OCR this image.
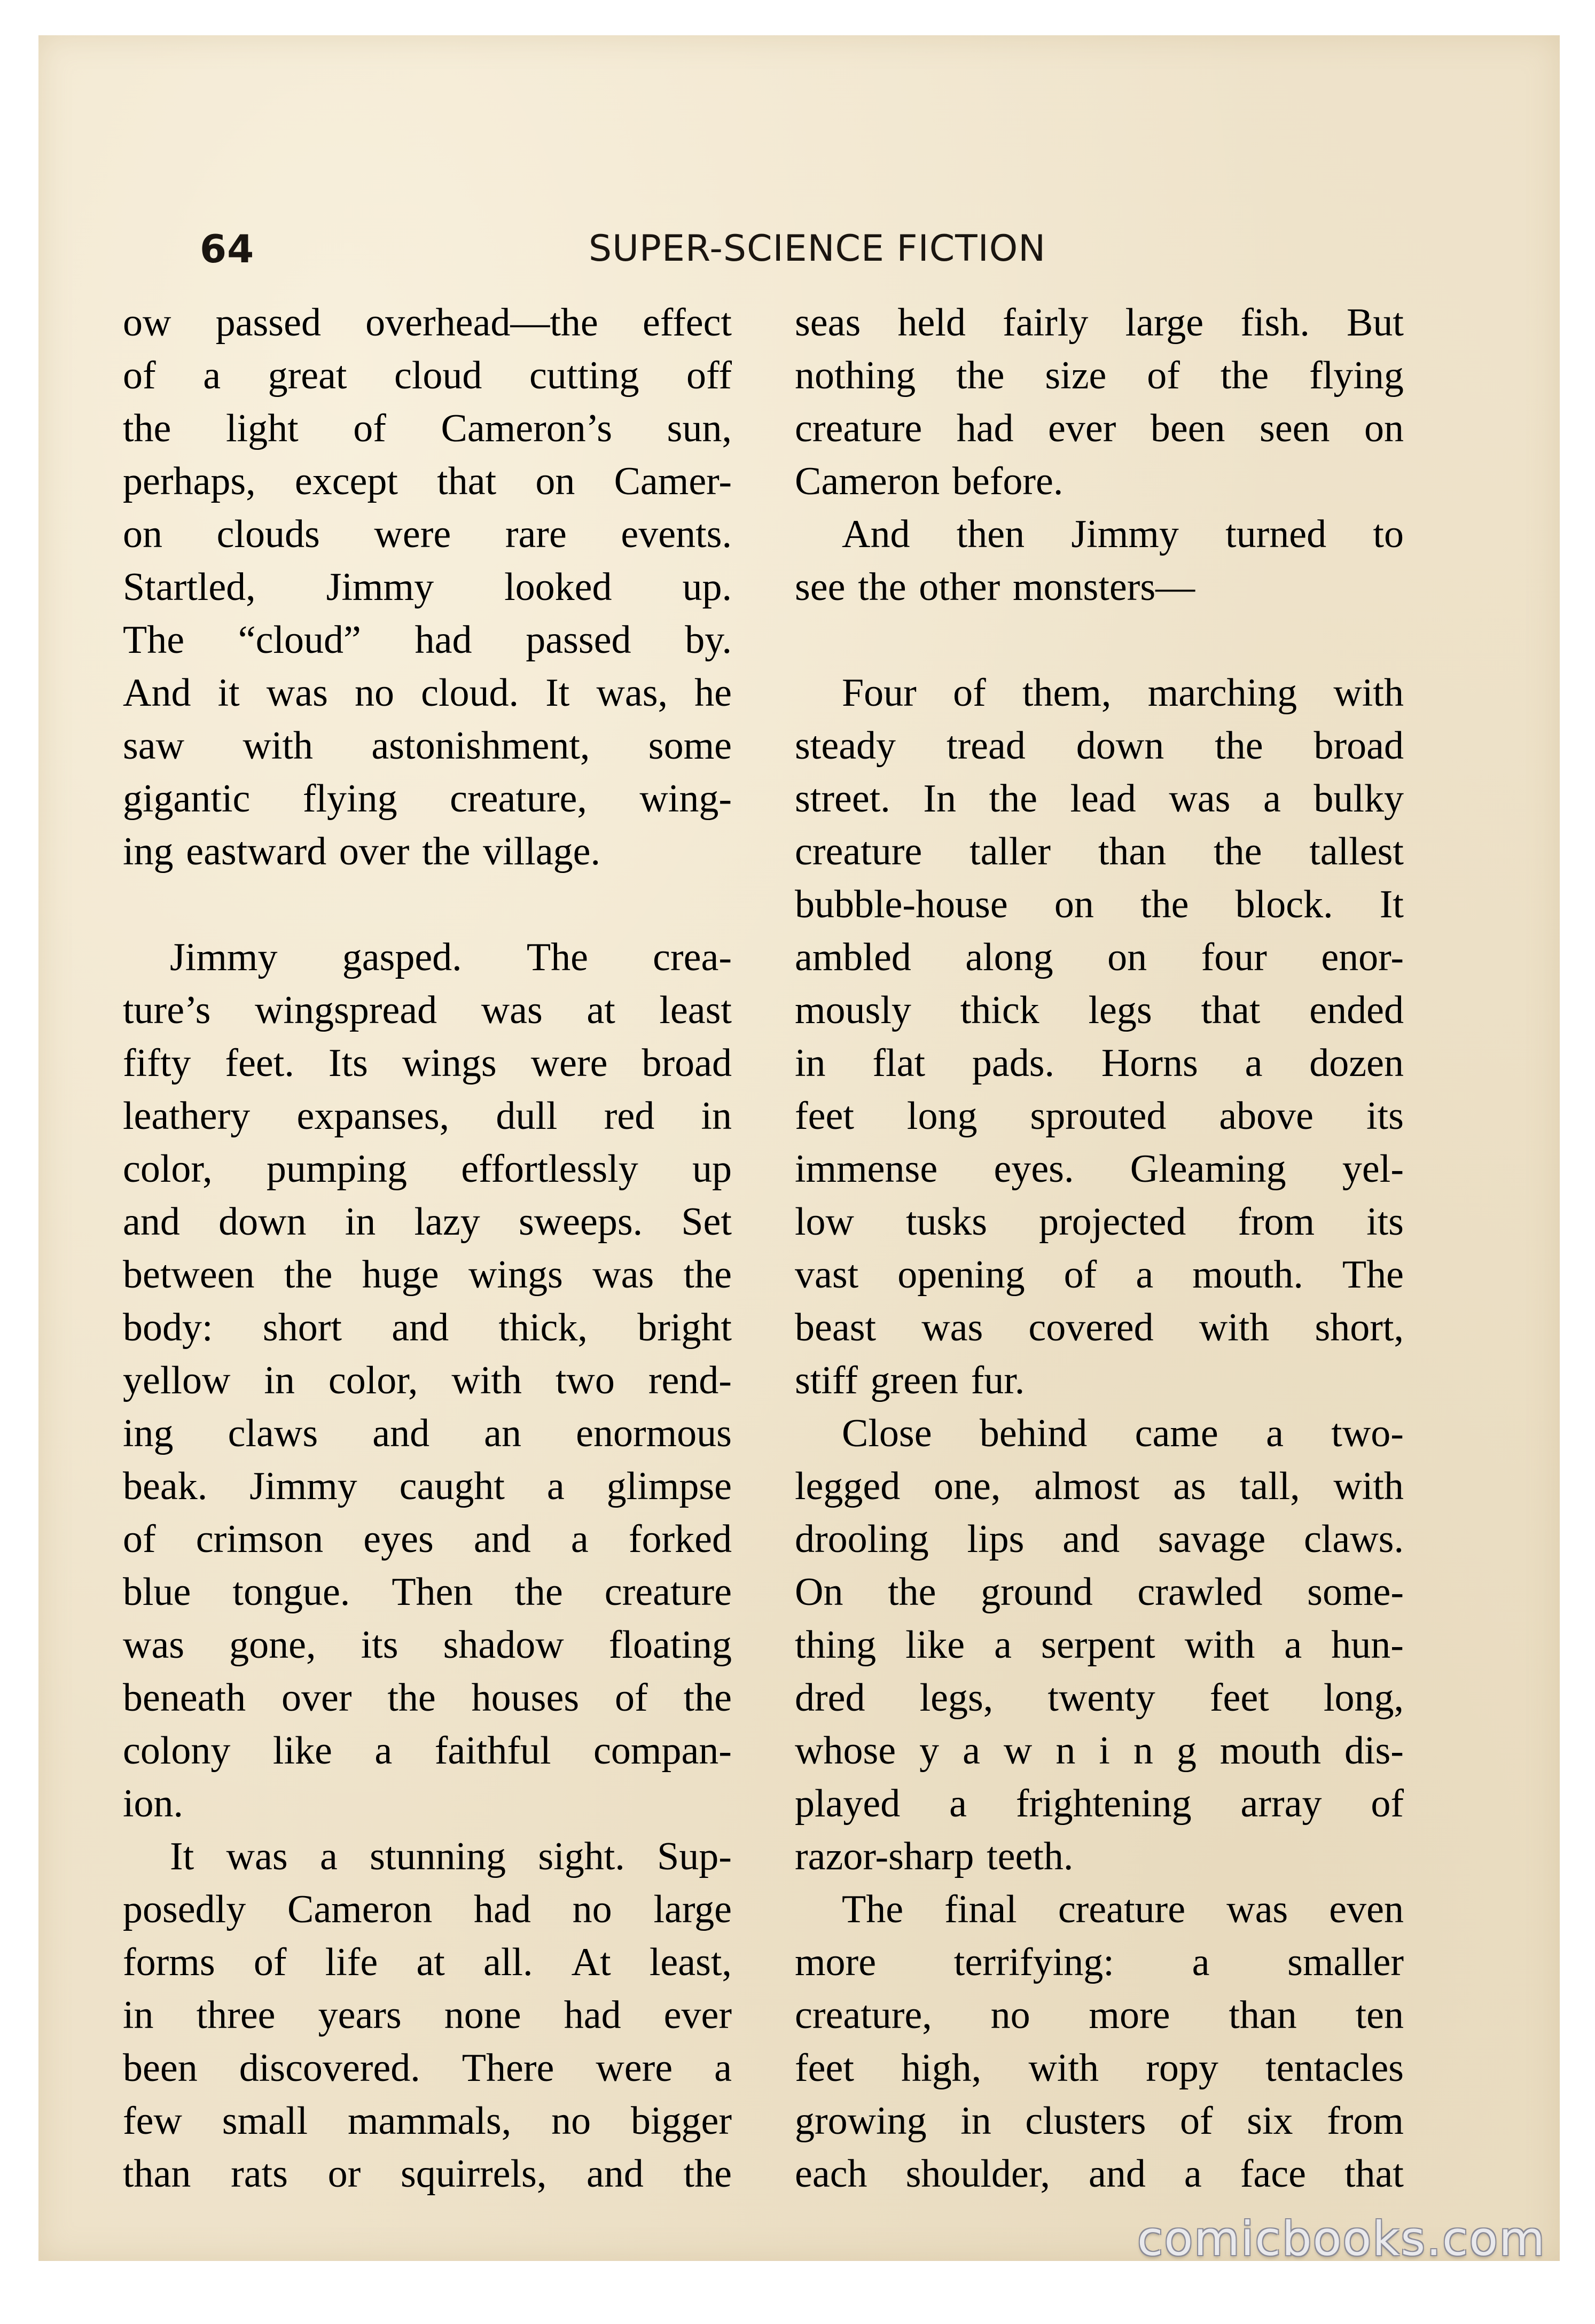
64	SUPER-SCIENCE FICTION
ow passed overhead—the effect
of a great cloud cutting off
the light of Cameron’s sun,
perhaps, except that on Camer-
on clouds were rare events.
Startled, Jimmy looked up.
The “cloud” had passed by.
And it was no cloud. It was, he
saw with astonishment, some
gigantic flying creature, wing-
ing eastward over the village.
Jimmy gasped. The crea-
ture’s wingspread was at least
fifty feet. Its wings were broad
leathery expanses, dull red in
color, pumping effortlessly up
and down in lazy sweeps. Set
between the huge wings was the
body: short and thick, bright
yellow in color, with two rend-
ing claws and an enormous
beak. Jimmy caught a glimpse
of crimson eyes and a forked
blue tongue. Then the creature
was gone, its shadow floating
beneath over the houses of the
colony like a faithful compan-
ion.
It was a stunning sight. Sup-
posedly Cameron had no large
forms of life at all. At least,
in three years none had ever
been discovered. There were a
few small mammals, no bigger
than rats or squirrels, and the
seas held fairly large fish. But
nothing the size of the flying
creature had ever been seen on
Cameron before.
And then Jimmy turned to
see the other monsters—
Four of them, marching with
steady tread down the broad
street. In the lead was a bulky
creature taller than the tallest
bubble-house on the block. It
ambled along on four enor-
mously thick legs that ended
in flat pads. Horns a dozen
feet long sprouted above its
immense eyes. Gleaming yel-
low tusks projected from its
vast opening of a mouth. The
beast was covered with short,
stiff green fur.
Close behind came a two-
legged one, almost as tall, with
drooling lips and savage claws.
On the ground crawled some-
thing like a serpent with a hun-
dred legs, twenty feet long,
whose y a w n i n g mouth dis-
played a frightening array of
razor-sharp teeth.
The final creature was even
more terrifying: a smaller
creature, no more than ten
feet high, with ropy tentacles
growing in clusters of six from
each shoulder, and a face that
comicbooks.com
